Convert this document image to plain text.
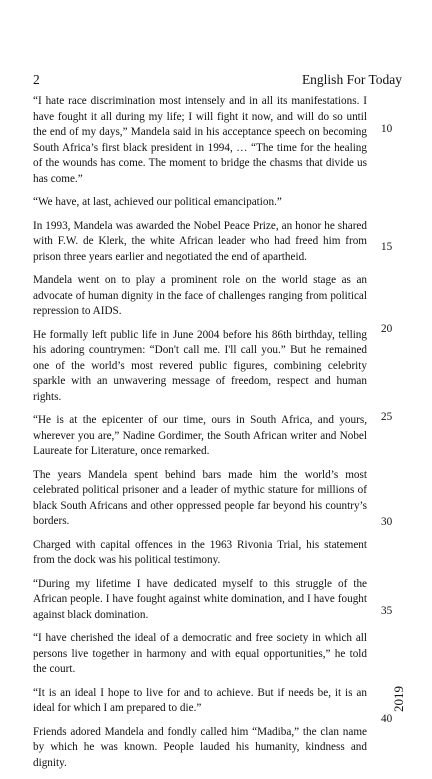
2	English For Today

“I hate race discrimination most intensely and in all its manifestations. I have fought it all during my life; I will fight it now, and will do so until the end of my days,” Mandela said in his acceptance speech on becoming South Africa’s first black president in 1994, … “The time for the healing of the wounds has come. The moment to bridge the chasms that divide us has come.”

“We have, at last, achieved our political emancipation.”

In 1993, Mandela was awarded the Nobel Peace Prize, an honor he shared with F.W. de Klerk, the white African leader who had freed him from prison three years earlier and negotiated the end of apartheid.

Mandela went on to play a prominent role on the world stage as an advocate of human dignity in the face of challenges ranging from political repression to AIDS.

He formally left public life in June 2004 before his 86th birthday, telling his adoring countrymen: “Don't call me. I'll call you.” But he remained one of the world’s most revered public figures, combining celebrity sparkle with an unwavering message of freedom, respect and human rights.

“He is at the epicenter of our time, ours in South Africa, and yours, wherever you are,” Nadine Gordimer, the South African writer and Nobel Laureate for Literature, once remarked.

The years Mandela spent behind bars made him the world’s most celebrated political prisoner and a leader of mythic stature for millions of black South Africans and other oppressed people far beyond his country’s borders.

Charged with capital offences in the 1963 Rivonia Trial, his statement from the dock was his political testimony.

“During my lifetime I have dedicated myself to this struggle of the African people. I have fought against white domination, and I have fought against black domination.

“I have cherished the ideal of a democratic and free society in which all persons live together in harmony and with equal opportunities,” he told the court.

“It is an ideal I hope to live for and to achieve. But if needs be, it is an ideal for which I am prepared to die.”

Friends adored Mandela and fondly called him “Madiba,” the clan name by which he was known. People lauded his humanity, kindness and dignity.

10
15
20
25
30
35
40
2019
